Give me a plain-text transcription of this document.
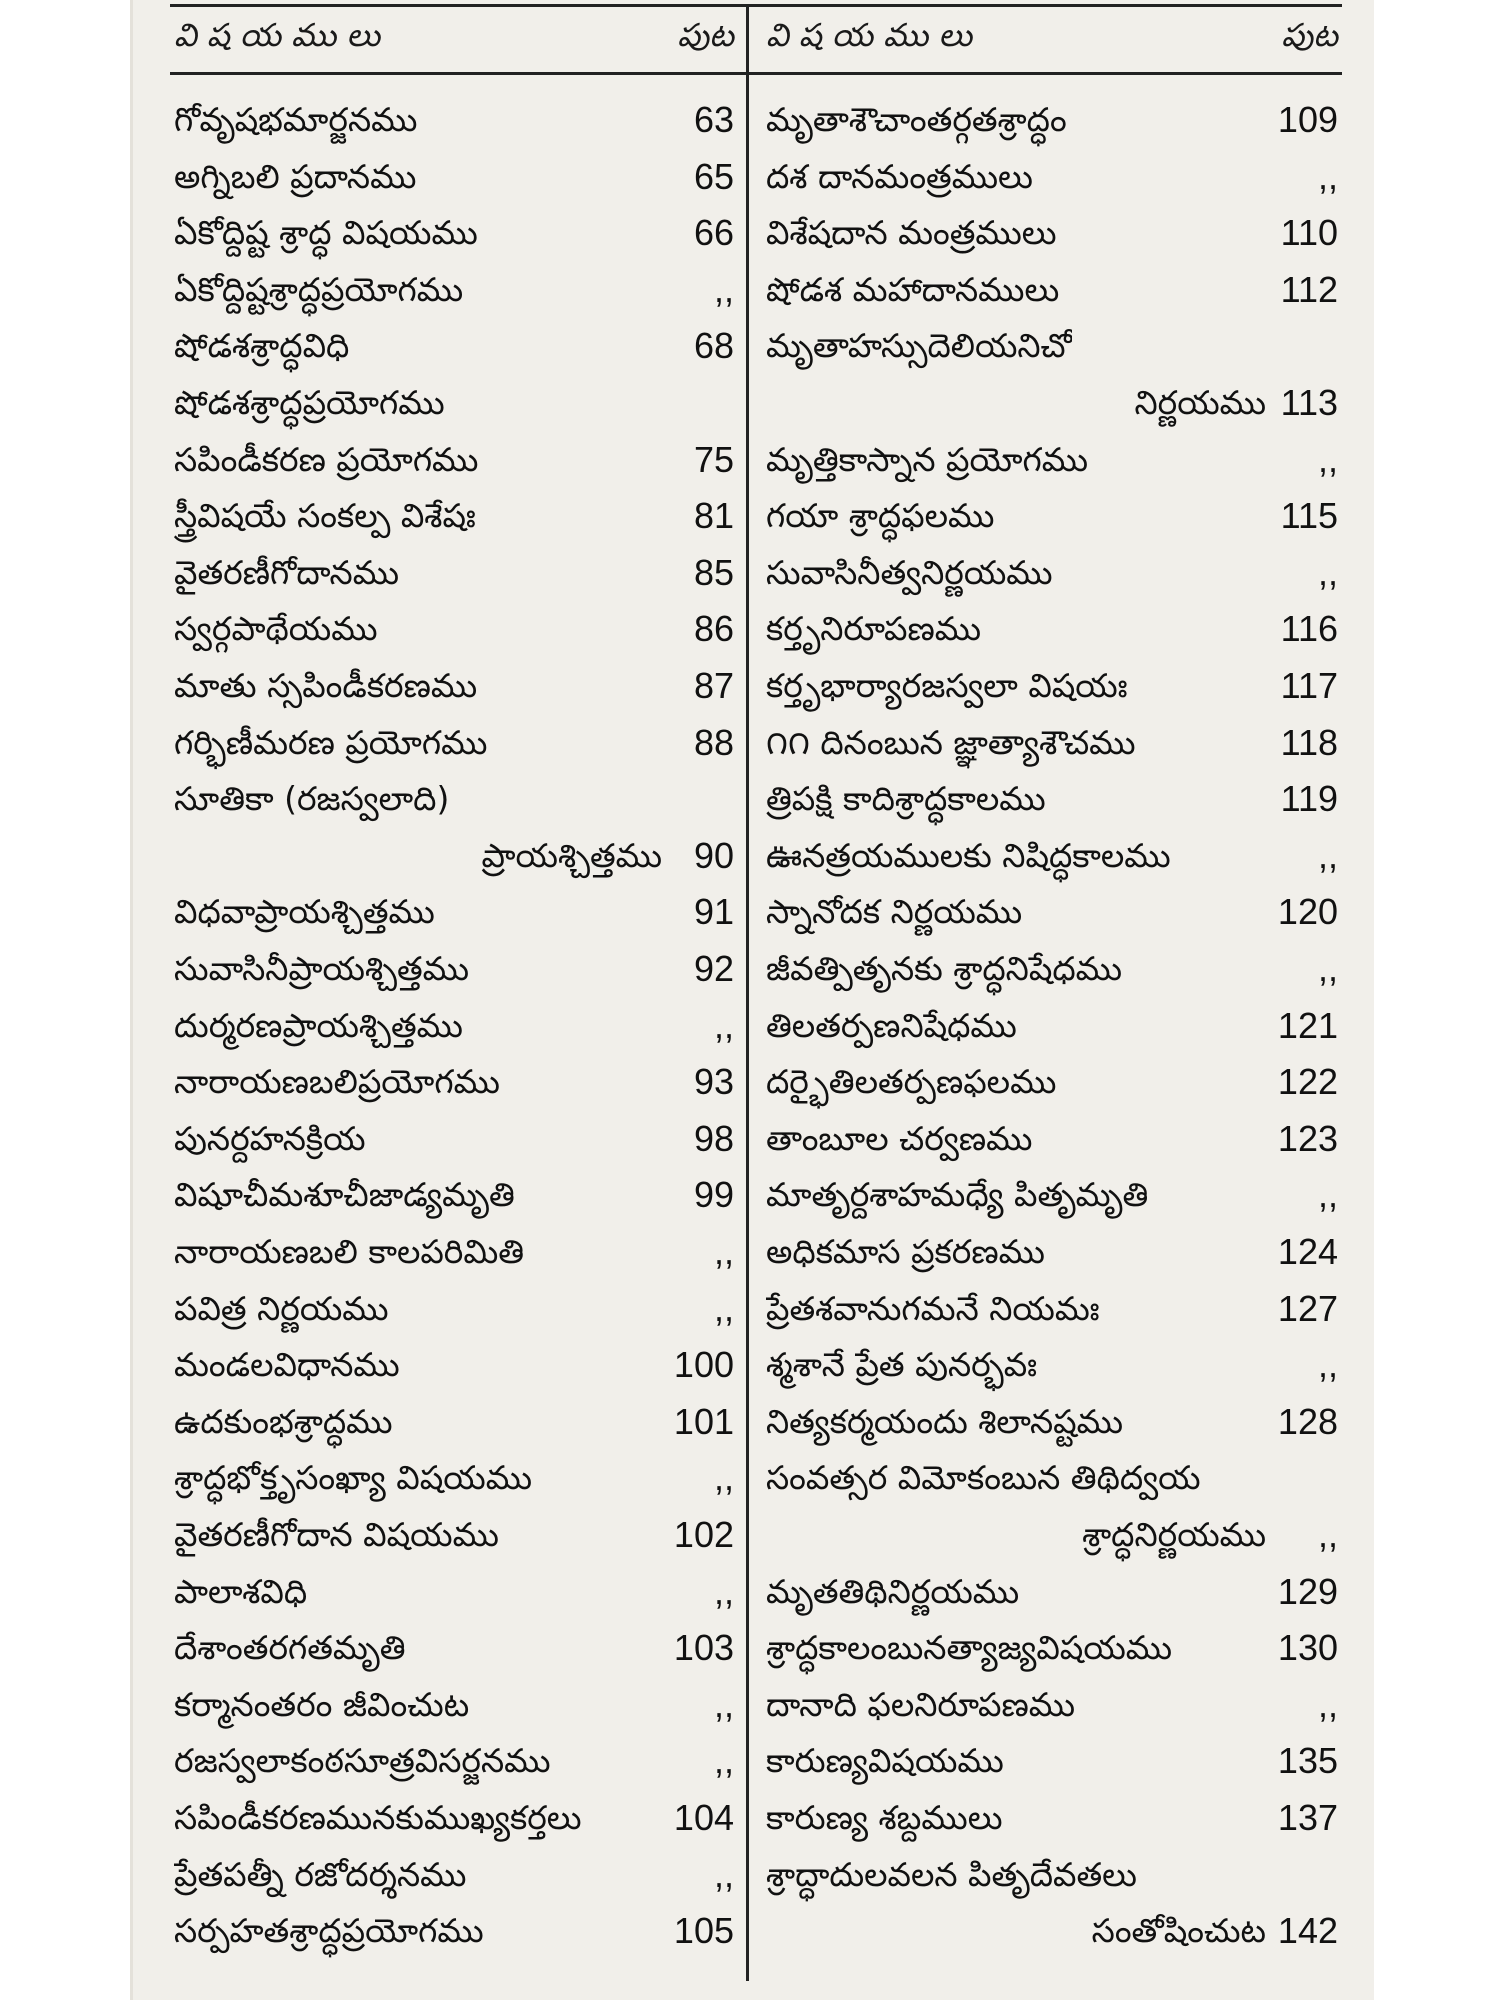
వి ష య ము లు	పుట
గోవృషభమార్జనము	63
అగ్నిబలి ప్రదానము	65
ఏకోద్దిష్ట శ్రాద్ధ విషయము	66
ఏకోద్దిష్టశ్రాద్ధప్రయోగము	,,
షోడశశ్రాద్ధవిధి	68
షోడశశ్రాద్ధప్రయోగము
సపిండీకరణ ప్రయోగము	75
స్త్రీవిషయే సంకల్ప విశేషః	81
వైతరణీగోదానము	85
స్వర్గపాథేయము	86
మాతు స్సపిండీకరణము	87
గర్భిణీమరణ ప్రయోగము	88
సూతికా (రజస్వలాది)
ప్రాయశ్చిత్తము 90
విధవాప్రాయశ్చిత్తము	91
సువాసినీప్రాయశ్చిత్తము	92
దుర్మరణప్రాయశ్చిత్తము	,,
నారాయణబలిప్రయోగము	93
పునర్దహనక్రియ	98
విషూచీమశూచీజాడ్యమృతి	99
నారాయణబలి కాలపరిమితి	,,
పవిత్ర నిర్ణయము	,,
మండలవిధానము	100
ఉదకుంభశ్రాద్ధము	101
శ్రాద్ధభోక్తృసంఖ్యా విషయము	,,
వైతరణీగోదాన విషయము	102
పాలాశవిధి	,,
దేశాంతరగతమృతి	103
కర్మానంతరం జీవించుట	,,
రజస్వలాకంఠసూత్రవిసర్జనము	,,
సపిండీకరణమునకుముఖ్యకర్తలు	104
ప్రేతపత్నీ రజోదర్శనము	,,
సర్పహతశ్రాద్ధప్రయోగము	105
వి ష య ము లు	పుట
మృతాశౌచాంతర్గతశ్రాద్ధం	109
దశ దానమంత్రములు	,,
విశేషదాన మంత్రములు	110
షోడశ మహాదానములు	112
మృతాహస్సుదెలియనిచో
నిర్ణయము 113
మృత్తికాస్నాన ప్రయోగము	,,
గయా శ్రాద్ధఫలము	115
సువాసినీత్వనిర్ణయము	,,
కర్తృనిరూపణము	116
కర్తృభార్యారజస్వలా విషయః	117
౧౧ దినంబున జ్ఞాత్యాశౌచము	118
త్రిపక్షి కాదిశ్రాద్ధకాలము	119
ఊనత్రయములకు నిషిద్ధకాలము	,,
స్నానోదక నిర్ణయము	120
జీవత్పితృనకు శ్రాద్ధనిషేధము	,,
తిలతర్పణనిషేధము	121
దర్భైతిలతర్పణఫలము	122
తాంబూల చర్వణము	123
మాతృర్దశాహమధ్యే పితృమృతి	,,
అధికమాస ప్రకరణము	124
ప్రేతశవానుగమనే నియమః	127
శ్మశానే ప్రేత పునర్భవః	,,
నిత్యకర్మయందు శిలానష్టము	128
సంవత్సర విమోకంబున తిథిద్వయ
శ్రాద్ధనిర్ణయము ,,
మృతతిథినిర్ణయము	129
శ్రాద్ధకాలంబునత్యాజ్యవిషయము	130
దానాది ఫలనిరూపణము	,,
కారుణ్యవిషయము	135
కారుణ్య శబ్దములు	137
శ్రాద్ధాదులవలన పితృదేవతలు
సంతోషించుట 142
